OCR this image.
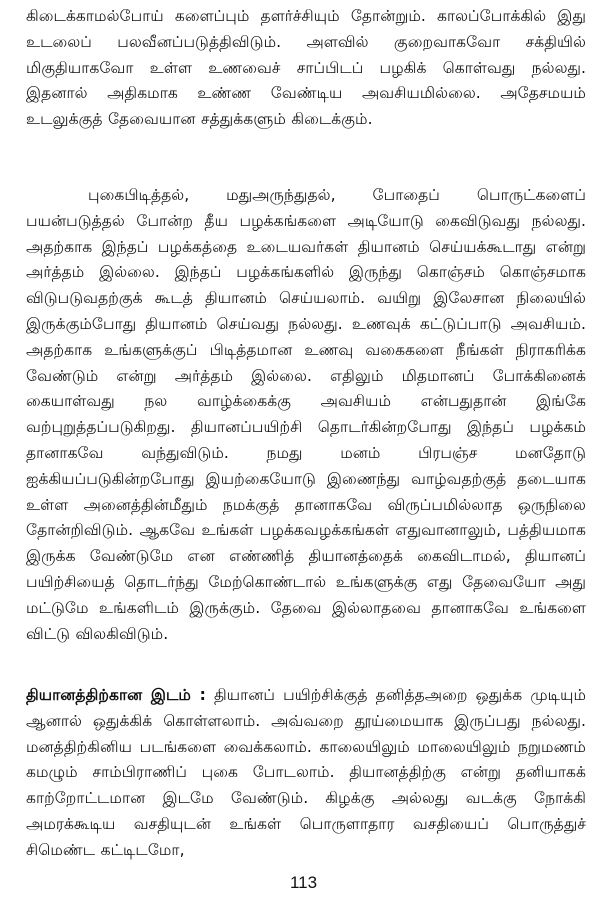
கிடைக்காமல்போய் களைப்பும் தளர்ச்சியும் தோன்றும். காலப்போக்கில் இது உடலைப் பலவீனப்படுத்திவிடும். அளவில் குறைவாகவோ சக்தியில் மிகுதியாகவோ உள்ள உணவைச் சாப்பிடப் பழகிக் கொள்வது நல்லது. இதனால் அதிகமாக உண்ண வேண்டிய அவசியமில்லை. அதேசமயம் உடலுக்குத் தேவையான சத்துக்களும் கிடைக்கும்.

புகைபிடித்தல், மதுஅருந்துதல், போதைப் பொருட்களைப் பயன்படுத்தல் போன்ற தீய பழக்கங்களை அடியோடு கைவிடுவது நல்லது. அதற்காக இந்தப் பழக்கத்தை உடையவர்கள் தியானம் செய்யக்கூடாது என்று அர்த்தம் இல்லை. இந்தப் பழக்கங்களில் இருந்து கொஞ்சம் கொஞ்சமாக விடுபடுவதற்குக் கூடத் தியானம் செய்யலாம். வயிறு இலேசான நிலையில் இருக்கும்போது தியானம் செய்வது நல்லது. உணவுக் கட்டுப்பாடு அவசியம். அதற்காக உங்களுக்குப் பிடித்தமான உணவு வகைகளை நீங்கள் நிராகரிக்க வேண்டும் என்று அர்த்தம் இல்லை. எதிலும் மிதமானப் போக்கினைக் கையாள்வது நல வாழ்க்கைக்கு அவசியம் என்பதுதான் இங்கே வற்புறுத்தப்படுகிறது. தியானப்பயிற்சி தொடர்கின்றபோது இந்தப் பழக்கம் தானாகவே வந்துவிடும். நமது மனம் பிரபஞ்ச மனதோடு ஐக்கியப்படுகின்றபோது இயற்கையோடு இணைந்து வாழ்வதற்குத் தடையாக உள்ள அனைத்தின்மீதும் நமக்குத் தானாகவே விருப்பமில்லாத ஒருநிலை தோன்றிவிடும். ஆகவே உங்கள் பழக்கவழக்கங்கள் எதுவானாலும், பத்தியமாக இருக்க வேண்டுமே என எண்ணித் தியானத்தைக் கைவிடாமல், தியானப் பயிற்சியைத் தொடர்ந்து மேற்கொண்டால் உங்களுக்கு எது தேவையோ அது மட்டுமே உங்களிடம் இருக்கும். தேவை இல்லாதவை தானாகவே உங்களை விட்டு விலகிவிடும்.

தியானத்திற்கான இடம் : தியானப் பயிற்சிக்குத் தனித்தஅறை ஒதுக்க முடியும் ஆனால் ஒதுக்கிக் கொள்ளலாம். அவ்வறை தூய்மையாக இருப்பது நல்லது. மனத்திற்கினிய படங்களை வைக்கலாம். காலையிலும் மாலையிலும் நறுமணம் கமழும் சாம்பிராணிப் புகை போடலாம். தியானத்திற்கு என்று தனியாகக் காற்றோட்டமான இடமே வேண்டும். கிழக்கு அல்லது வடக்கு நோக்கி அமரக்கூடிய வசதியுடன் உங்கள் பொருளாதார வசதியைப் பொருத்துச் சிமெண்ட கட்டிடமோ,

113
